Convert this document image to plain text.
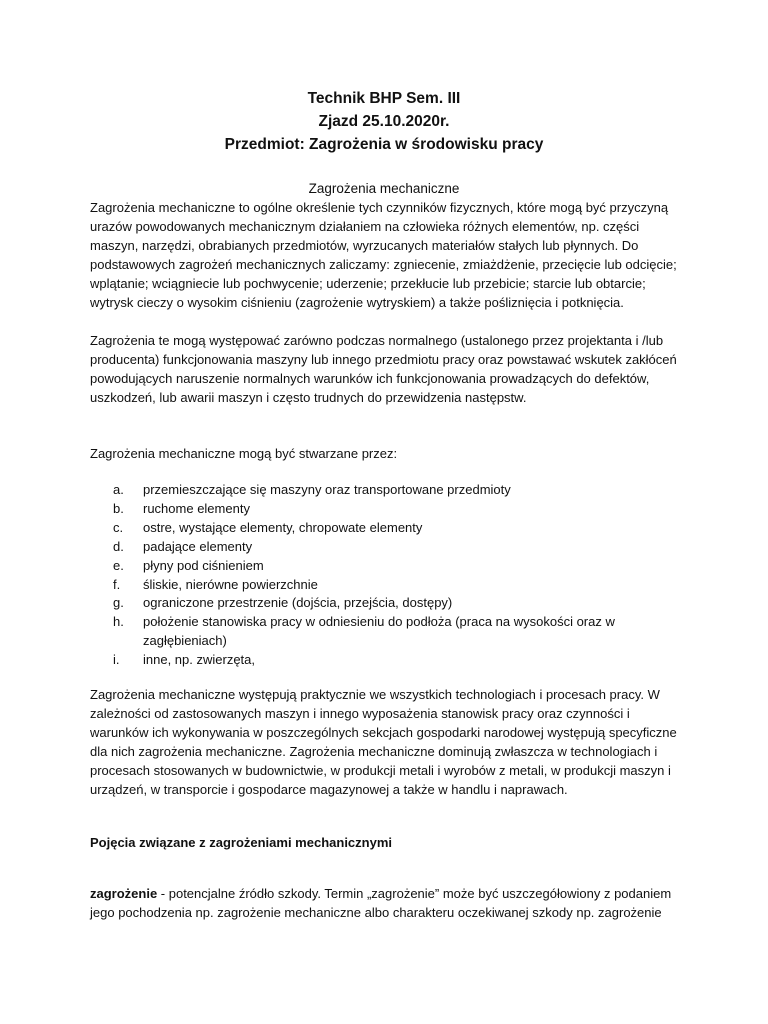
Technik BHP Sem. III
Zjazd 25.10.2020r.
Przedmiot: Zagrożenia w środowisku pracy
Zagrożenia mechaniczne
Zagrożenia mechaniczne to ogólne określenie tych czynników fizycznych, które mogą być przyczyną urazów powodowanych mechanicznym działaniem na człowieka różnych elementów, np. części maszyn, narzędzi, obrabianych przedmiotów, wyrzucanych materiałów stałych lub płynnych. Do podstawowych zagrożeń mechanicznych zaliczamy: zgniecenie, zmiażdżenie, przecięcie lub odcięcie; wplątanie; wciągniecie lub pochwycenie; uderzenie; przekłucie lub przebicie; starcie lub obtarcie; wytrysk cieczy o wysokim ciśnieniu (zagrożenie wytryskiem) a także pośliznięcia i potknięcia.
Zagrożenia te mogą występować zarówno podczas normalnego (ustalonego przez projektanta i /lub producenta) funkcjonowania maszyny lub innego przedmiotu pracy oraz powstawać wskutek zakłóceń powodujących naruszenie normalnych warunków ich funkcjonowania prowadzących do defektów, uszkodzeń, lub awarii maszyn i często trudnych do przewidzenia następstw.
Zagrożenia mechaniczne mogą być stwarzane przez:
a.	przemieszczające się maszyny oraz transportowane przedmioty
b.	ruchome elementy
c.	ostre, wystające elementy, chropowate elementy
d.	padające elementy
e.	płyny pod ciśnieniem
f.	śliskie, nierówne powierzchnie
g.	ograniczone przestrzenie (dojścia, przejścia, dostępy)
h.	położenie stanowiska pracy w odniesieniu do podłoża (praca na wysokości oraz w zagłębieniach)
i.	inne, np. zwierzęta,
Zagrożenia mechaniczne występują praktycznie we wszystkich technologiach i procesach pracy. W zależności od zastosowanych maszyn i innego wyposażenia stanowisk pracy oraz czynności i warunków ich wykonywania w poszczególnych sekcjach gospodarki narodowej występują specyficzne dla nich zagrożenia mechaniczne. Zagrożenia mechaniczne dominują zwłaszcza w technologiach i procesach stosowanych w budownictwie, w produkcji metali i wyrobów z metali, w produkcji maszyn i urządzeń, w transporcie i gospodarce magazynowej a także w handlu i naprawach.
Pojęcia związane z zagrożeniami mechanicznymi
zagrożenie - potencjalne źródło szkody. Termin „zagrożenie” może być uszczegółowiony z podaniem jego pochodzenia np. zagrożenie mechaniczne albo charakteru oczekiwanej szkody np. zagrożenie
